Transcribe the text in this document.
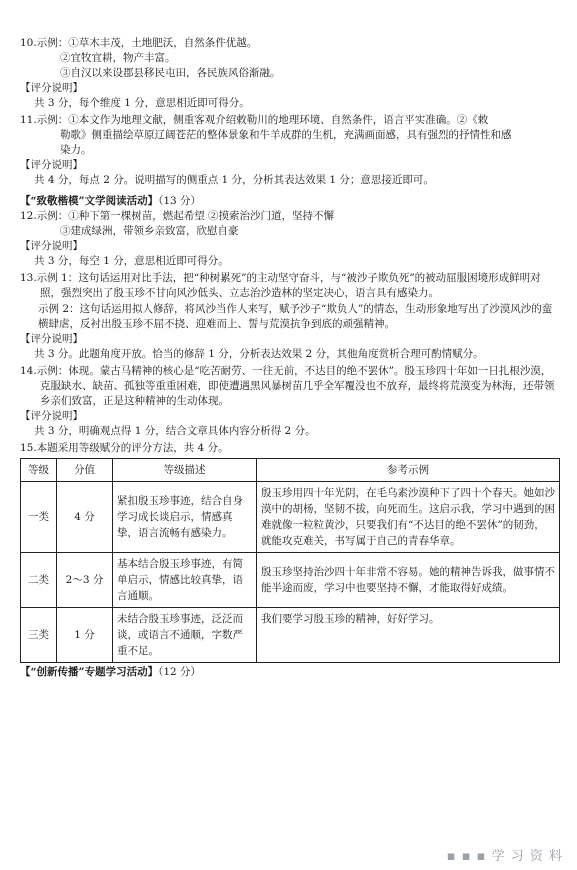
10.示例：①草木丰茂，土地肥沃，自然条件优越。
②宜牧宜耕，物产丰富。
③自汉以来设郡县移民屯田，各民族风俗渐融。
【评分说明】
共 3 分，每个维度 1 分，意思相近即可得分。
11.示例：①本文作为地理文献，侧重客观介绍敕勒川的地理环境、自然条件，语言平实准确。②《敕
勒歌》侧重描绘草原辽阔苍茫的整体景象和牛羊成群的生机，充满画面感，具有强烈的抒情性和感
染力。
【评分说明】
共 4 分，每点 2 分。说明描写的侧重点 1 分，分析其表达效果 1 分；意思接近即可。
【“致敬楷模”文学阅读活动】（13 分）
12.示例：①种下第一棵树苗，燃起希望 ②摸索治沙门道，坚持不懈
③建成绿洲，带领乡亲致富，欣慰自豪
【评分说明】
共 3 分，每空 1 分，意思相近即可得分。
13.示例 1：这句话运用对比手法，把“种树累死”的主动坚守奋斗，与“被沙子欺负死”的被动屈服困境形成鲜明对照，强烈突出了殷玉珍不甘向风沙低头、立志治沙造林的坚定决心，语言具有感染力。
示例 2：这句话运用拟人修辞，将风沙当作人来写，赋予沙子“欺负人”的情态，生动形象地写出了沙漠风沙的蛮横肆虐，反衬出殷玉珍不屈不挠、迎难而上、誓与荒漠抗争到底的顽强精神。
【评分说明】
共 3 分。此题角度开放。恰当的修辞 1 分，分析表达效果 2 分，其他角度赏析合理可酌情赋分。
14.示例：体现。蒙古马精神的核心是“吃苦耐劳、一往无前，不达目的绝不罢休”。殷玉珍四十年如一日扎根沙漠，克服缺水、缺苗、孤独等重重困难，即使遭遇黑风暴树苗几乎全军覆没也不放弃，最终将荒漠变为林海，还带领乡亲们致富，正是这种精神的生动体现。
【评分说明】
共 3 分，明确观点得 1 分，结合文章具体内容分析得 2 分。
15.本题采用等级赋分的评分方法，共 4 分。
等级	分值	等级描述	参考示例
一类	4 分	紧扣殷玉珍事迹，结合自身学习成长谈启示，情感真挚，语言流畅有感染力。	殷玉珍用四十年光阴，在毛乌素沙漠种下了四十个春天。她如沙漠中的胡杨，坚韧不拔，向死而生。这启示我，学习中遇到的困难就像一粒粒黄沙，只要我们有“不达目的绝不罢休”的韧劲，就能攻克难关，书写属于自己的青春华章。
二类	2～3 分	基本结合殷玉珍事迹，有简单启示，情感比较真挚，语言通顺。	殷玉珍坚持治沙四十年非常不容易。她的精神告诉我，做事情不能半途而废，学习中也要坚持不懈，才能取得好成绩。
三类	1 分	未结合殷玉珍事迹，泛泛而谈，或语言不通顺，字数严重不足。	我们要学习殷玉珍的精神，好好学习。
【“创新传播”专题学习活动】（12 分）
▪ ▪ ▪ 学 习 资 料
